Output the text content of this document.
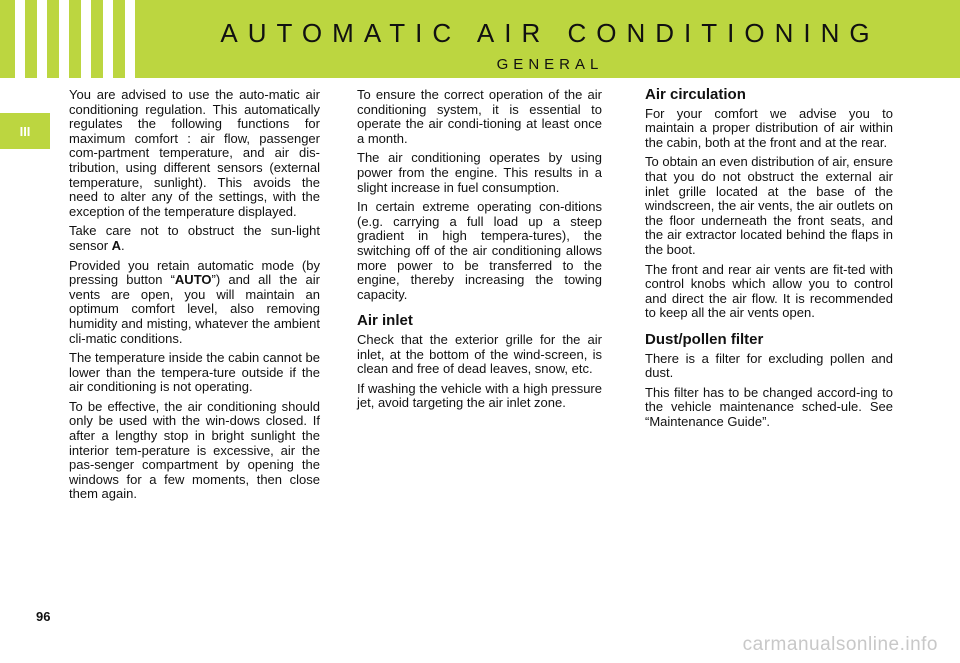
AUTOMATIC AIR CONDITIONING
GENERAL
III

You are advised to use the auto-matic air conditioning regulation. This automatically regulates the following functions for maximum comfort : air flow, passenger com-partment temperature, and air dis-tribution, using different sensors (external temperature, sunlight). This avoids the need to alter any of the settings, with the exception of the temperature displayed.

Take care not to obstruct the sun-light sensor A.

Provided you retain automatic mode (by pressing button “AUTO”) and all the air vents are open, you will maintain an optimum comfort level, also removing humidity and misting, whatever the ambient cli-matic conditions.

The temperature inside the cabin cannot be lower than the tempera-ture outside if the air conditioning is not operating.

To be effective, the air conditioning should only be used with the win-dows closed. If after a lengthy stop in bright sunlight the interior tem-perature is excessive, air the pas-senger compartment by opening the windows for a few moments, then close them again.

To ensure the correct operation of the air conditioning system, it is essential to operate the air condi-tioning at least once a month.

The air conditioning operates by using power from the engine. This results in a slight increase in fuel consumption.

In certain extreme operating con-ditions (e.g. carrying a full load up a steep gradient in high tempera-tures), the switching off of the air conditioning allows more power to be transferred to the engine, thereby increasing the towing capacity.

Air inlet

Check that the exterior grille for the air inlet, at the bottom of the wind-screen, is clean and free of dead leaves, snow, etc.

If washing the vehicle with a high pressure jet, avoid targeting the air inlet zone.

Air circulation

For your comfort we advise you to maintain a proper distribution of air within the cabin, both at the front and at the rear.

To obtain an even distribution of air, ensure that you do not obstruct the external air inlet grille located at the base of the windscreen, the air vents, the air outlets on the floor underneath the front seats, and the air extractor located behind the flaps in the boot.

The front and rear air vents are fit-ted with control knobs which allow you to control and direct the air flow. It is recommended to keep all the air vents open.

Dust/pollen filter

There is a filter for excluding pollen and dust.

This filter has to be changed accord-ing to the vehicle maintenance sched-ule. See “Maintenance Guide”.

96
carmanualsonline.info
